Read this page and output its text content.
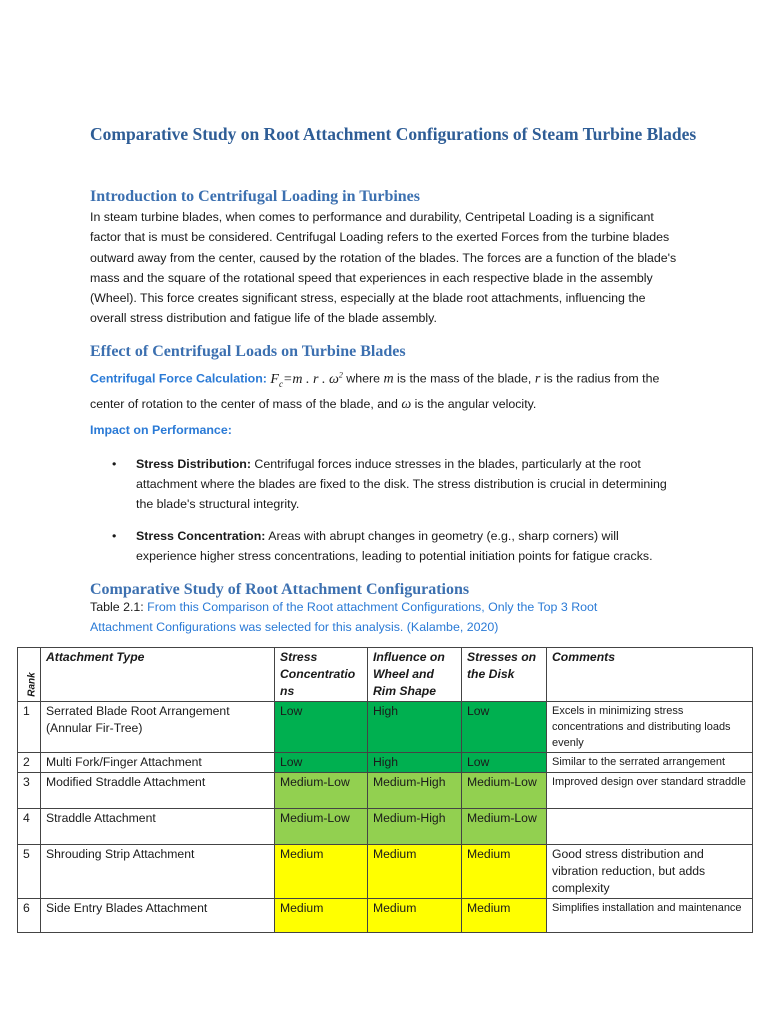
Comparative Study on Root Attachment Configurations of Steam Turbine Blades
Introduction to Centrifugal Loading in Turbines
In steam turbine blades, when comes to performance and durability, Centripetal Loading is a significant factor that is must be considered. Centrifugal Loading refers to the exerted Forces from the turbine blades outward away from the center, caused by the rotation of the blades. The forces are a function of the blade's mass and the square of the rotational speed that experiences in each respective blade in the assembly (Wheel). This force creates significant stress, especially at the blade root attachments, influencing the overall stress distribution and fatigue life of the blade assembly.
Effect of Centrifugal Loads on Turbine Blades
Centrifugal Force Calculation: $F_c=m$ . r . $\omega^2$ where m is the mass of the blade, r is the radius from the center of rotation to the center of mass of the blade, and ω is the angular velocity.
Impact on Performance:
• Stress Distribution: Centrifugal forces induce stresses in the blades, particularly at the root attachment where the blades are fixed to the disk. The stress distribution is crucial in determining the blade's structural integrity.
• Stress Concentration: Areas with abrupt changes in geometry (e.g., sharp corners) will experience higher stress concentrations, leading to potential initiation points for fatigue cracks.
Comparative Study of Root Attachment Configurations
Table 2.1: From this Comparison of the Root attachment Configurations, Only the Top 3 Root Attachment Configurations was selected for this analysis. (Kalambe, 2020)
Rank	Attachment Type	Stress Concentratio ns	Influence on Wheel and Rim Shape	Stresses on the Disk	Comments
1	Serrated Blade Root Arrangement (Annular Fir-Tree)	Low	High	Low	Excels in minimizing stress concentrations and distributing loads evenly
2	Multi Fork/Finger Attachment	Low	High	Low	Similar to the serrated arrangement
3	Modified Straddle Attachment	Medium-Low	Medium-High	Medium-Low	Improved design over standard straddle
4	Straddle Attachment	Medium-Low	Medium-High	Medium-Low	
5	Shrouding Strip Attachment	Medium	Medium	Medium	Good stress distribution and vibration reduction, but adds complexity
6	Side Entry Blades Attachment	Medium	Medium	Medium	Simplifies installation and maintenance
